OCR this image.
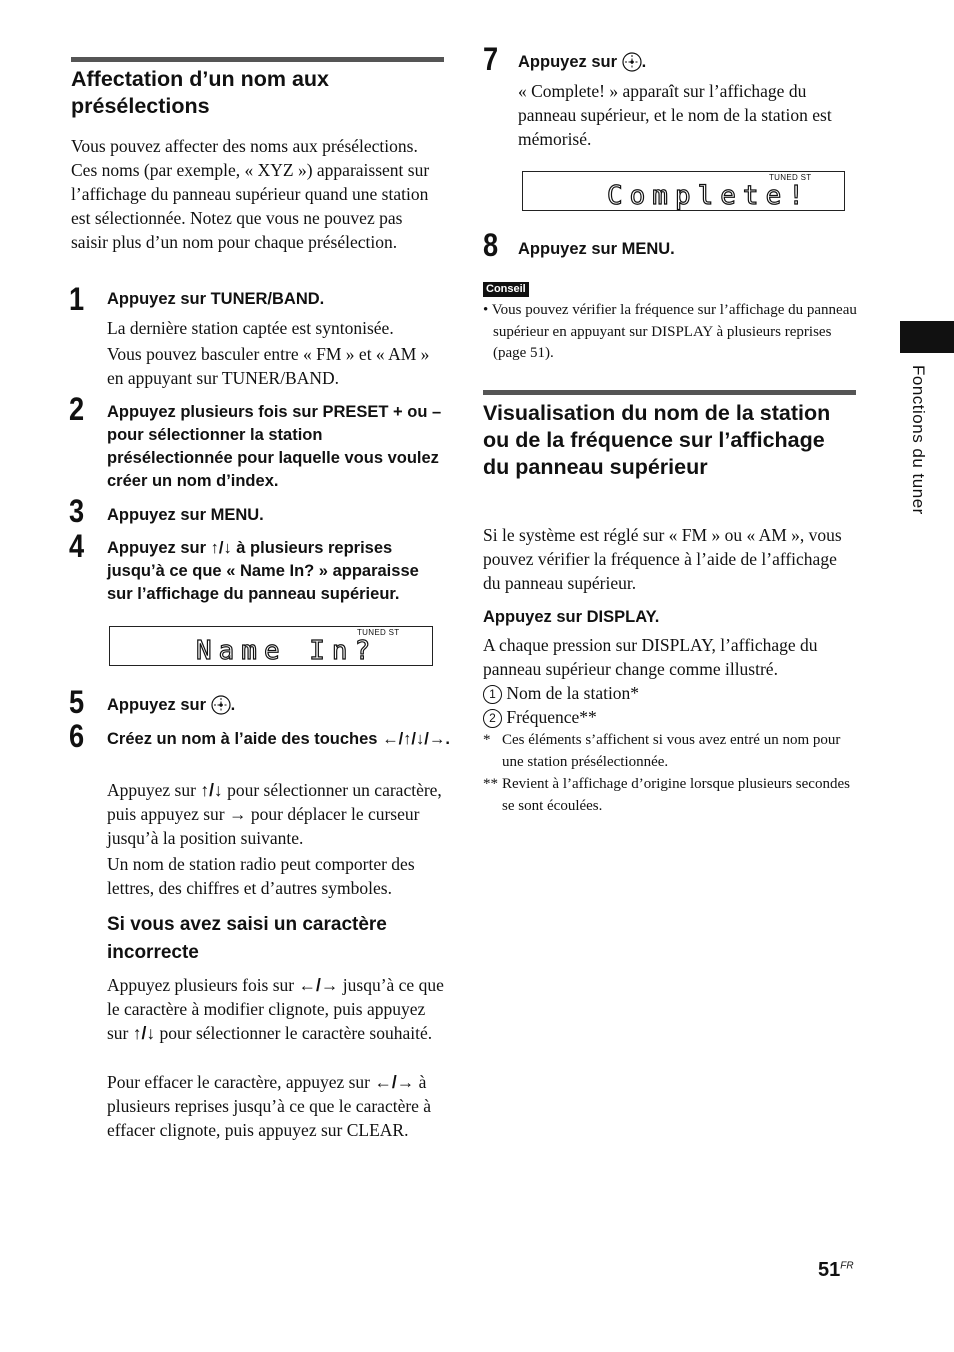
Affectation d’un nom aux présélections

Vous pouvez affecter des noms aux présélections. Ces noms (par exemple, « XYZ ») apparaissent sur l’affichage du panneau supérieur quand une station est sélectionnée. Notez que vous ne pouvez pas saisir plus d’un nom pour chaque présélection.

1 Appuyez sur TUNER/BAND.

La dernière station captée est syntonisée.

Vous pouvez basculer entre « FM » et « AM » en appuyant sur TUNER/BAND.

2 Appuyez plusieurs fois sur PRESET + ou – pour sélectionner la station présélectionnée pour laquelle vous voulez créer un nom d’index.
3 Appuyez sur MENU.
4 Appuyez sur ↑/↓ à plusieurs reprises jusqu’à ce que « Name In? » apparaisse sur l’affichage du panneau supérieur.
TUNED ST
Name In?
5 Appuyez sur .
6 Créez un nom à l’aide des touches ←/↑/↓/→.

Appuyez sur ↑/↓ pour sélectionner un caractère, puis appuyez sur → pour déplacer le curseur jusqu’à la position suivante.

Un nom de station radio peut comporter des lettres, des chiffres et d’autres symboles.

Si vous avez saisi un caractère incorrecte

Appuyez plusieurs fois sur ←/→ jusqu’à ce que le caractère à modifier clignote, puis appuyez sur ↑/↓ pour sélectionner le caractère souhaité.

Pour effacer le caractère, appuyez sur ←/→ à plusieurs reprises jusqu’à ce que le caractère à effacer clignote, puis appuyez sur CLEAR.

7 Appuyez sur .

« Complete! » apparaît sur l’affichage du panneau supérieur, et le nom de la station est mémorisé.

TUNED ST
Complete!
8 Appuyez sur MENU.
Conseil

• Vous pouvez vérifier la fréquence sur l’affichage du panneau supérieur en appuyant sur DISPLAY à plusieurs reprises (page 51).

Visualisation du nom de la station ou de la fréquence sur l’affichage du panneau supérieur

Si le système est réglé sur « FM » ou « AM », vous pouvez vérifier la fréquence à l’aide de l’affichage du panneau supérieur.

Appuyez sur DISPLAY.

A chaque pression sur DISPLAY, l’affichage du panneau supérieur change comme illustré.

1 Nom de la station*
2 Fréquence**
* Ces éléments s’affichent si vous avez entré un nom pour une station présélectionnée.
** Revient à l’affichage d’origine lorsque plusieurs secondes se sont écoulées.
Fonctions du tuner
$51^{FR}$
